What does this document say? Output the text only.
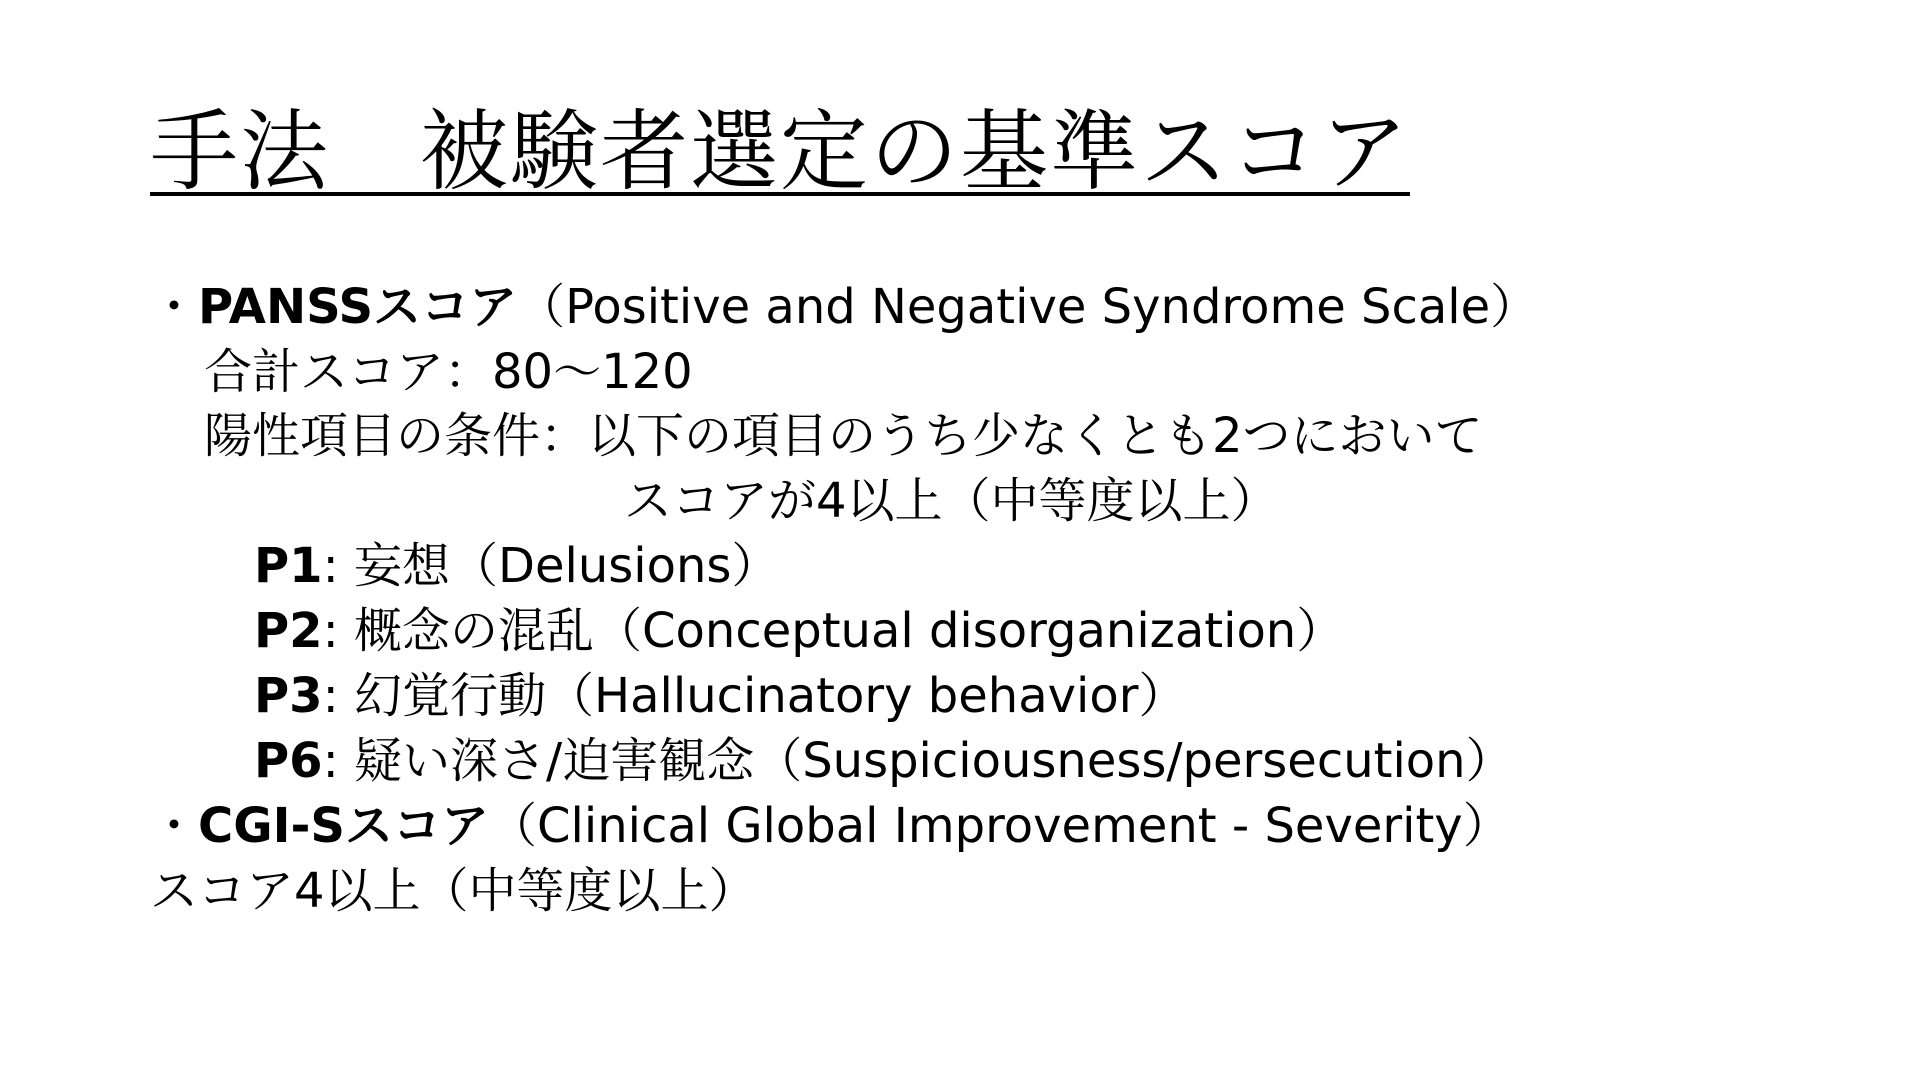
手法　被験者選定の基準スコア
・PANSSスコア（Positive and Negative Syndrome Scale）
合計スコア：80～120
陽性項目の条件：以下の項目のうち少なくとも2つにおいて
スコアが4以上（中等度以上）
P1: 妄想（Delusions）
P2: 概念の混乱（Conceptual disorganization）
P3: 幻覚行動（Hallucinatory behavior）
P6: 疑い深さ/迫害観念（Suspiciousness/persecution）
・CGI-Sスコア（Clinical Global Improvement - Severity）
スコア4以上（中等度以上）
